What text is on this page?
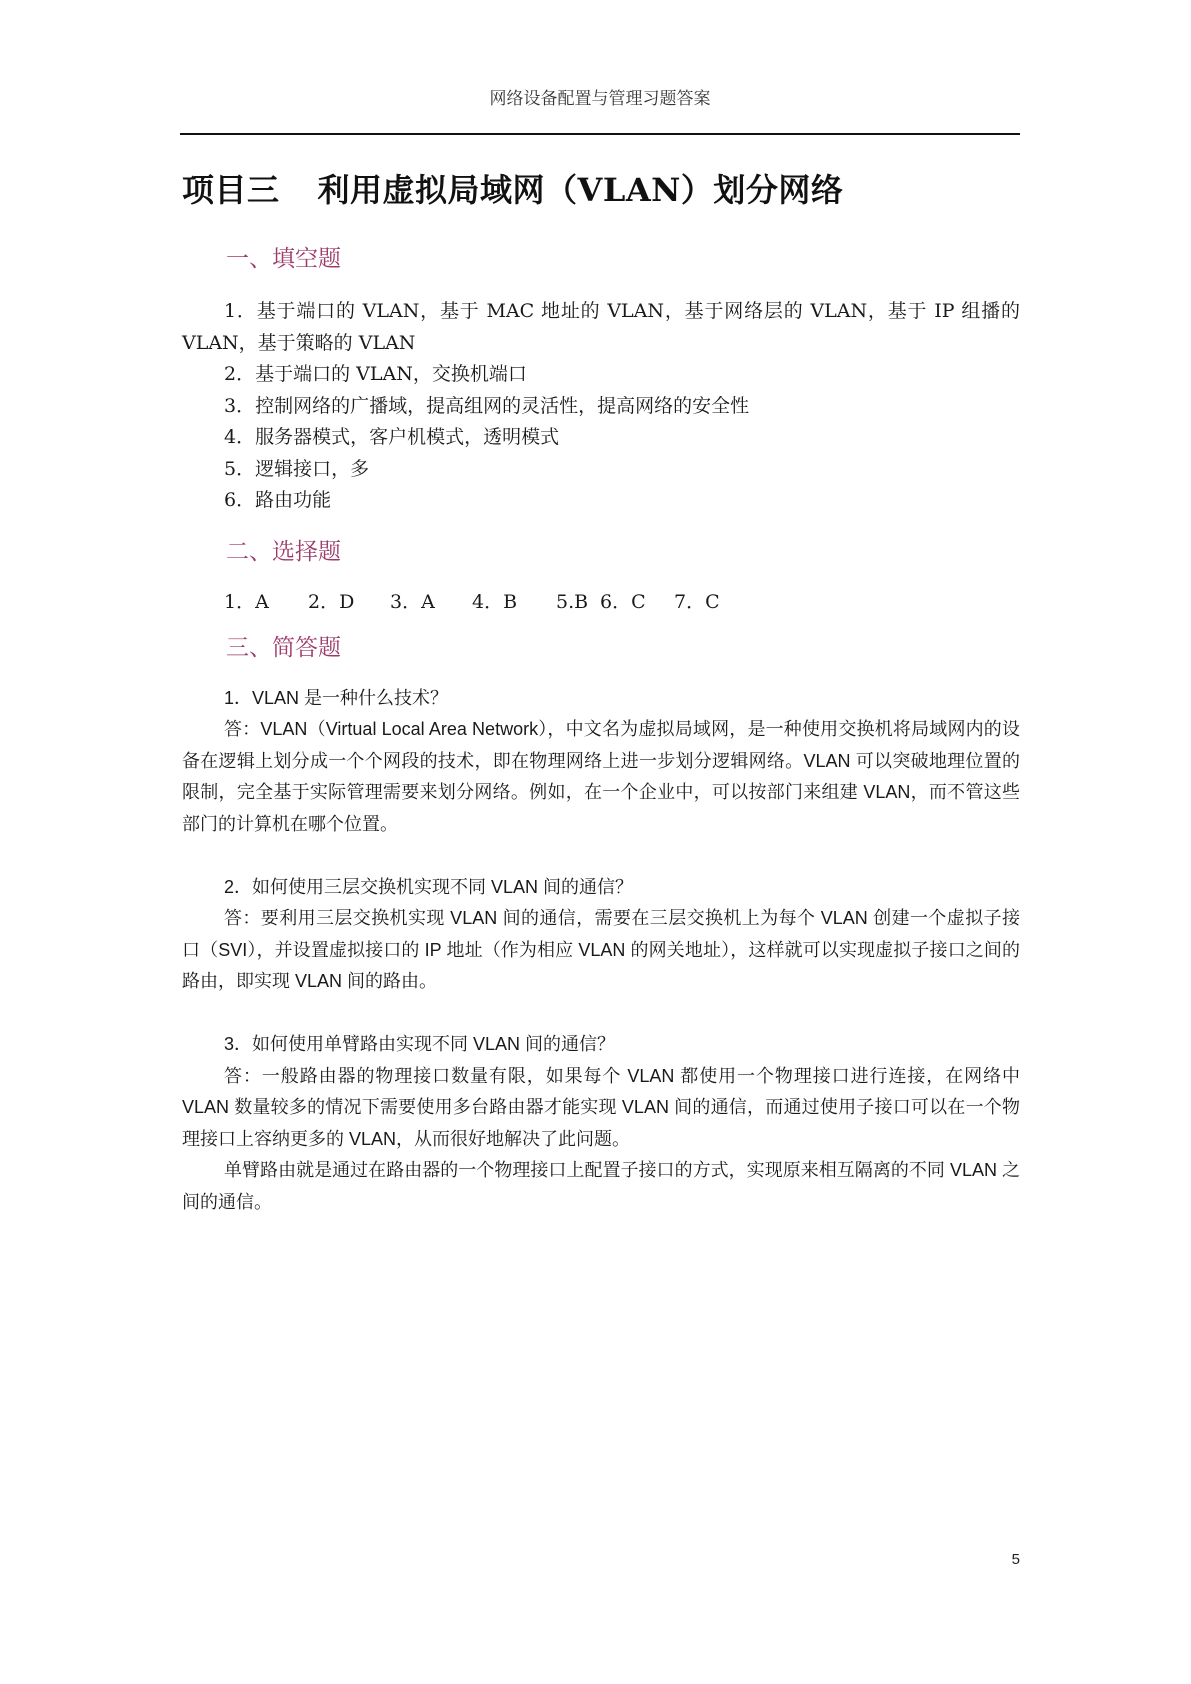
网络设备配置与管理习题答案
项目三 利用虚拟局域网（VLAN）划分网络
一、填空题
1．基于端口的 VLAN，基于 MAC 地址的 VLAN，基于网络层的 VLAN，基于 IP 组播的 VLAN，基于策略的 VLAN
2．基于端口的 VLAN，交换机端口
3．控制网络的广播域，提高组网的灵活性，提高网络的安全性
4．服务器模式，客户机模式，透明模式
5．逻辑接口，多
6．路由功能
二、选择题
1．A 2．D 3．A 4．B 5.B 6．C 7．C
三、简答题
1．VLAN 是一种什么技术？
答：VLAN（Virtual Local Area Network），中文名为虚拟局域网，是一种使用交换机将局域网内的设备在逻辑上划分成一个个网段的技术，即在物理网络上进一步划分逻辑网络。VLAN 可以突破地理位置的限制，完全基于实际管理需要来划分网络。例如，在一个企业中，可以按部门来组建 VLAN，而不管这些部门的计算机在哪个位置。
2．如何使用三层交换机实现不同 VLAN 间的通信？
答：要利用三层交换机实现 VLAN 间的通信，需要在三层交换机上为每个 VLAN 创建一个虚拟子接口（SVI），并设置虚拟接口的 IP 地址（作为相应 VLAN 的网关地址），这样就可以实现虚拟子接口之间的路由，即实现 VLAN 间的路由。
3．如何使用单臂路由实现不同 VLAN 间的通信？
答：一般路由器的物理接口数量有限，如果每个 VLAN 都使用一个物理接口进行连接，在网络中 VLAN 数量较多的情况下需要使用多台路由器才能实现 VLAN 间的通信，而通过使用子接口可以在一个物理接口上容纳更多的 VLAN，从而很好地解决了此问题。
单臂路由就是通过在路由器的一个物理接口上配置子接口的方式，实现原来相互隔离的不同 VLAN 之间的通信。
5
